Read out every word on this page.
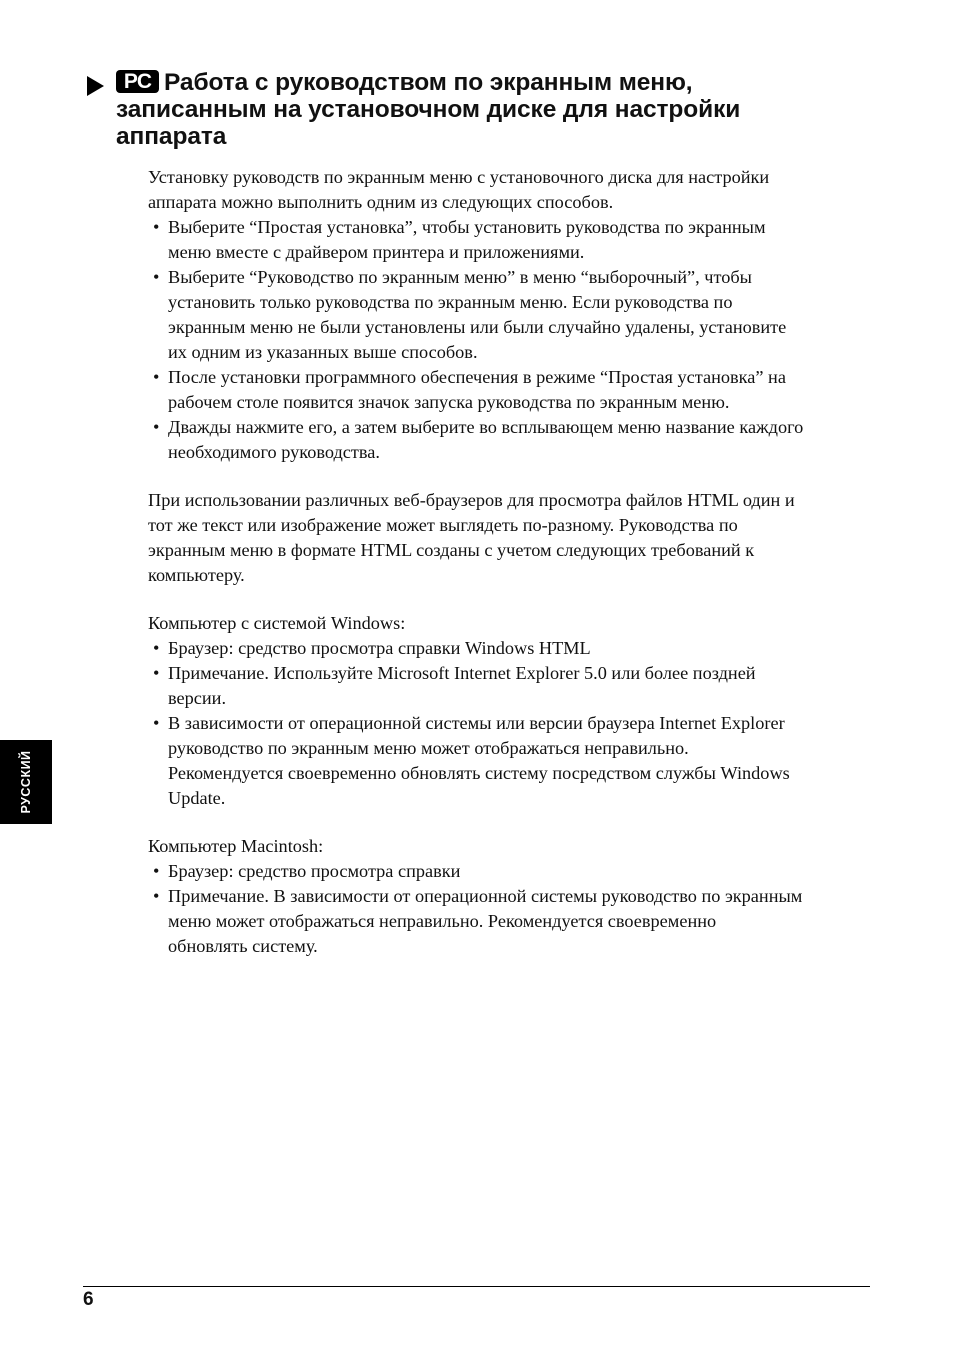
PC Работа с руководством по экранным меню,
записанным на установочном диске для настройки
аппарата

Установку руководств по экранным меню с установочного диска для настройки
аппарата можно выполнить одним из следующих способов.

• Выберите “Простая установка”, чтобы установить руководства по экранным
меню вместе с драйвером принтера и приложениями.
• Выберите “Руководство по экранным меню” в меню “выборочный”, чтобы
установить только руководства по экранным меню. Если руководства по
экранным меню не были установлены или были случайно удалены, установите
их одним из указанных выше способов.
• После установки программного обеспечения в режиме “Простая установка” на
рабочем столе появится значок запуска руководства по экранным меню.
• Дважды нажмите его, а затем выберите во всплывающем меню название каждого
необходимого руководства.

При использовании различных веб-браузеров для просмотра файлов HTML один и
тот же текст или изображение может выглядеть по-разному. Руководства по
экранным меню в формате HTML созданы с учетом следующих требований к
компьютеру.

Компьютер с системой Windows:

• Браузер: средство просмотра справки Windows HTML
• Примечание. Используйте Microsoft Internet Explorer 5.0 или более поздней
версии.
• В зависимости от операционной системы или версии браузера Internet Explorer
руководство по экранным меню может отображаться неправильно.
Рекомендуется своевременно обновлять систему посредством службы Windows
Update.

Компьютер Macintosh:

• Браузер: средство просмотра справки
• Примечание. В зависимости от операционной системы руководство по экранным
меню может отображаться неправильно. Рекомендуется своевременно
обновлять систему.
РУССКИЙ
6
